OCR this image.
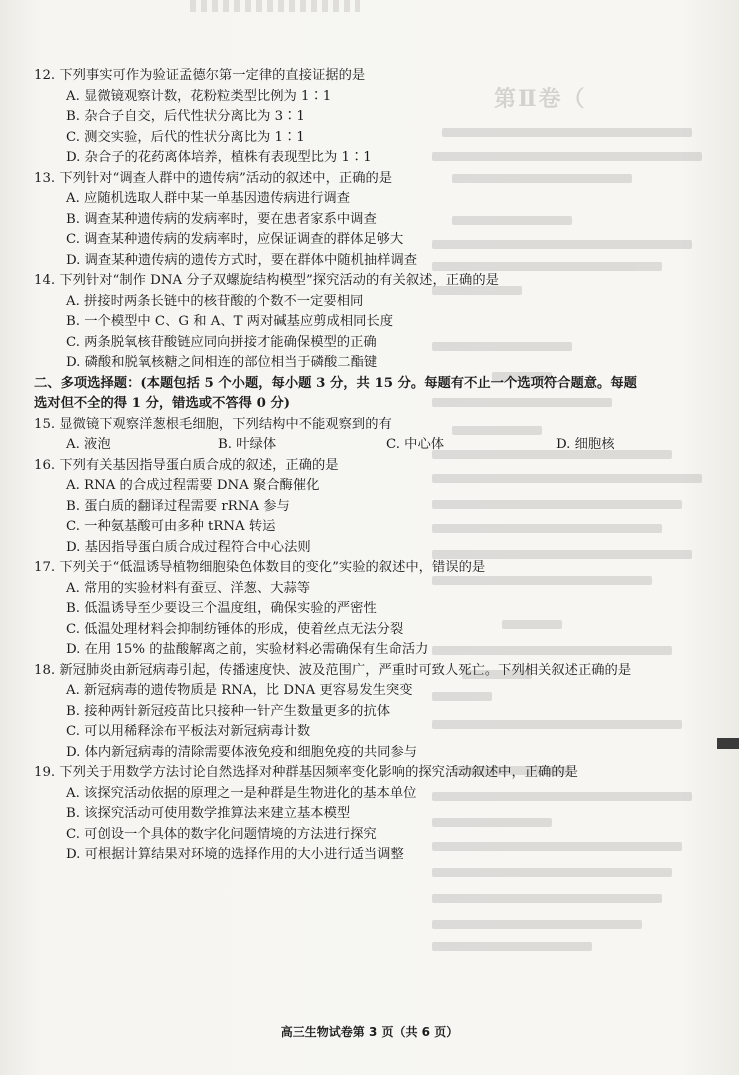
第Ⅱ卷（
12. 下列事实可作为验证孟德尔第一定律的直接证据的是
A. 显微镜观察计数，花粉粒类型比例为 1∶1
B. 杂合子自交，后代性状分离比为 3∶1
C. 测交实验，后代的性状分离比为 1∶1
D. 杂合子的花药离体培养，植株有表现型比为 1∶1
13. 下列针对“调查人群中的遗传病”活动的叙述中，正确的是
A. 应随机选取人群中某一单基因遗传病进行调查
B. 调查某种遗传病的发病率时，要在患者家系中调查
C. 调查某种遗传病的发病率时，应保证调查的群体足够大
D. 调查某种遗传病的遗传方式时，要在群体中随机抽样调查
14. 下列针对“制作 DNA 分子双螺旋结构模型”探究活动的有关叙述，正确的是
A. 拼接时两条长链中的核苷酸的个数不一定要相同
B. 一个模型中 C、G 和 A、T 两对碱基应剪成相同长度
C. 两条脱氧核苷酸链应同向拼接才能确保模型的正确
D. 磷酸和脱氧核糖之间相连的部位相当于磷酸二酯键
二、多项选择题：(本题包括 5 个小题，每小题 3 分，共 15 分。每题有不止一个选项符合题意。每题
选对但不全的得 1 分，错选或不答得 0 分)
15. 显微镜下观察洋葱根毛细胞，下列结构中不能观察到的有
A. 液泡	B. 叶绿体	C. 中心体	D. 细胞核
16. 下列有关基因指导蛋白质合成的叙述，正确的是
A. RNA 的合成过程需要 DNA 聚合酶催化
B. 蛋白质的翻译过程需要 rRNA 参与
C. 一种氨基酸可由多种 tRNA 转运
D. 基因指导蛋白质合成过程符合中心法则
17. 下列关于“低温诱导植物细胞染色体数目的变化”实验的叙述中，错误的是
A. 常用的实验材料有蚕豆、洋葱、大蒜等
B. 低温诱导至少要设三个温度组，确保实验的严密性
C. 低温处理材料会抑制纺锤体的形成，使着丝点无法分裂
D. 在用 15% 的盐酸解离之前，实验材料必需确保有生命活力
18. 新冠肺炎由新冠病毒引起，传播速度快、波及范围广，严重时可致人死亡。下列相关叙述正确的是
A. 新冠病毒的遗传物质是 RNA，比 DNA 更容易发生突变
B. 接种两针新冠疫苗比只接种一针产生数量更多的抗体
C. 可以用稀释涂布平板法对新冠病毒计数
D. 体内新冠病毒的清除需要体液免疫和细胞免疫的共同参与
19. 下列关于用数学方法讨论自然选择对种群基因频率变化影响的探究活动叙述中，正确的是
A. 该探究活动依据的原理之一是种群是生物进化的基本单位
B. 该探究活动可使用数学推算法来建立基本模型
C. 可创设一个具体的数字化问题情境的方法进行探究
D. 可根据计算结果对环境的选择作用的大小进行适当调整
高三生物试卷第 3 页（共 6 页）
